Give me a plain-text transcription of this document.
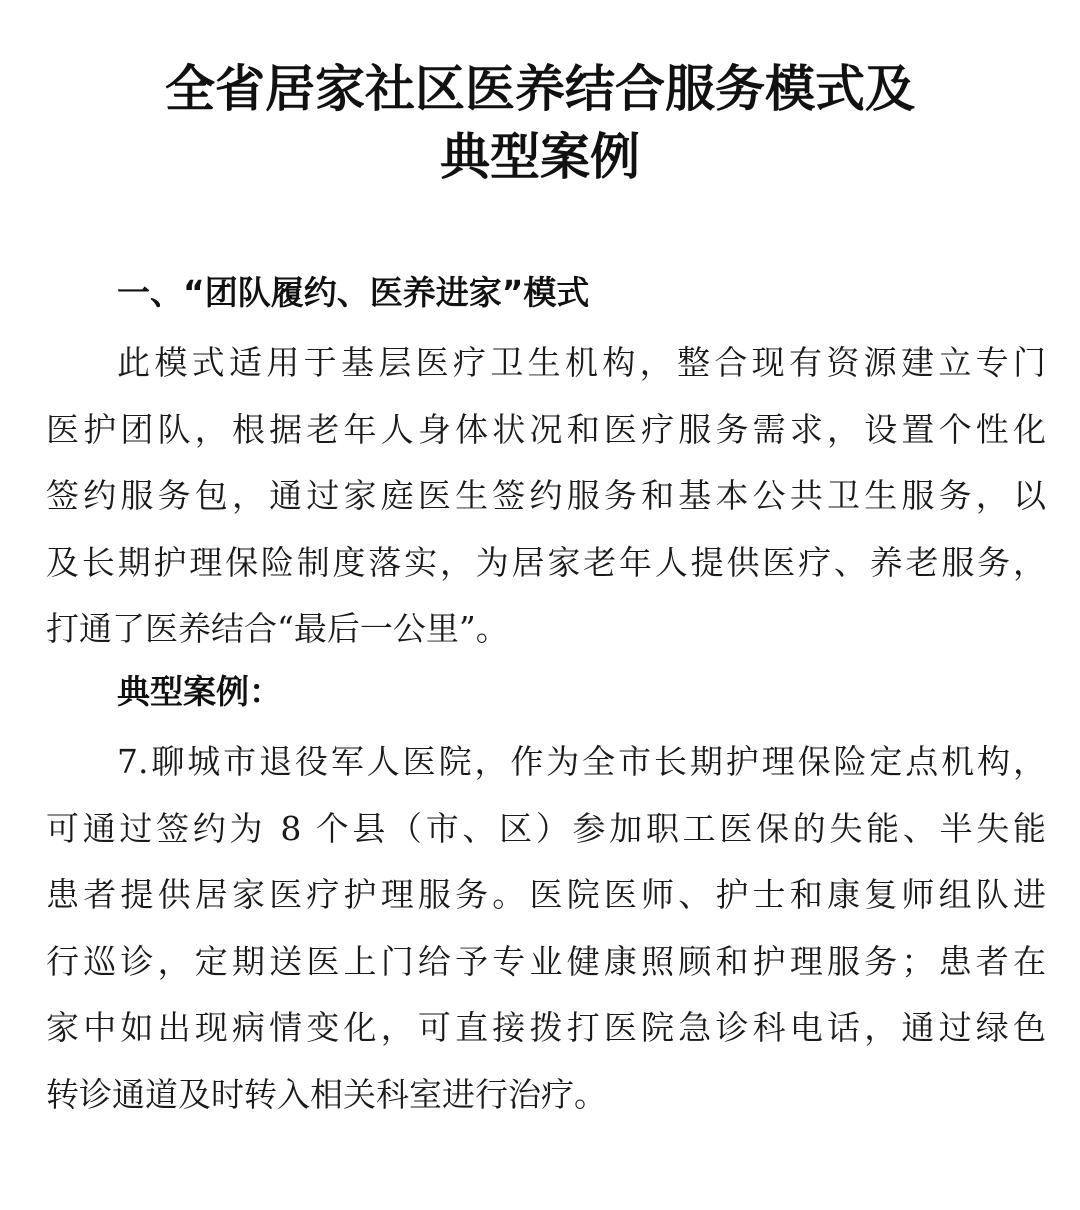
全省居家社区医养结合服务模式及
典型案例
一、“团队履约、医养进家”模式
此模式适用于基层医疗卫生机构，整合现有资源建立专门
医护团队，根据老年人身体状况和医疗服务需求，设置个性化
签约服务包，通过家庭医生签约服务和基本公共卫生服务，以
及长期护理保险制度落实，为居家老年人提供医疗、养老服务，
打通了医养结合“最后一公里”。
典型案例：
7.聊城市退役军人医院，作为全市长期护理保险定点机构，
可通过签约为 8 个县（市、区）参加职工医保的失能、半失能
患者提供居家医疗护理服务。医院医师、护士和康复师组队进
行巡诊，定期送医上门给予专业健康照顾和护理服务；患者在
家中如出现病情变化，可直接拨打医院急诊科电话，通过绿色
转诊通道及时转入相关科室进行治疗。
